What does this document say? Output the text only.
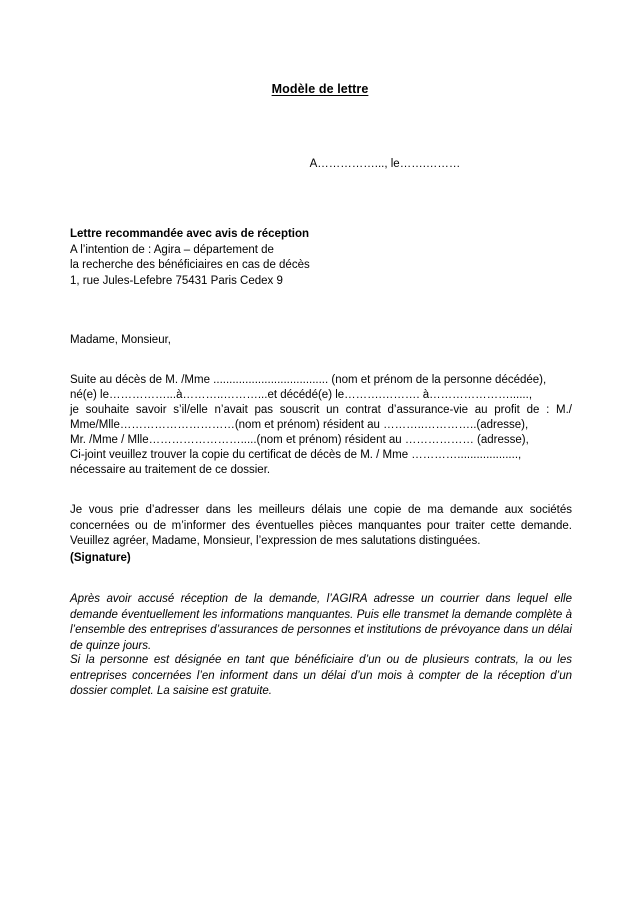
Modèle de lettre
A……………..., le…….………
Lettre recommandée avec avis de réception
A l’intention de : Agira – département de
la recherche des bénéficiaires en cas de décès
1, rue Jules-Lefebre 75431 Paris Cedex 9
Madame, Monsieur,
Suite au décès de M. /Mme .................................... (nom et prénom de la personne décédée),
né(e) le……………...à………..………...et décédé(e) le……….………. à…………………......,
je souhaite savoir s’il/elle n’avait pas souscrit un contrat d’assurance-vie au profit de : M./
Mme/Mlle…………………………(nom et prénom) résident au ………..…………..(adresse),
Mr. /Mme / Mlle…………………….....(nom et prénom) résident au ……………… (adresse),
Ci-joint veuillez trouver la copie du certificat de décès de M. / Mme …………...................,
nécessaire au traitement de ce dossier.
Je vous prie d’adresser dans les meilleurs délais une copie de ma demande aux sociétés concernées ou de m’informer des éventuelles pièces manquantes pour traiter cette demande. Veuillez agréer, Madame, Monsieur, l’expression de mes salutations distinguées.
(Signature)
Après avoir accusé réception de la demande, l’AGIRA adresse un courrier dans lequel elle demande éventuellement les informations manquantes. Puis elle transmet la demande complète à l’ensemble des entreprises d’assurances de personnes et institutions de prévoyance dans un délai de quinze jours.
Si la personne est désignée en tant que bénéficiaire d’un ou de plusieurs contrats, la ou les entreprises concernées l’en informent dans un délai d’un mois à compter de la réception d’un dossier complet. La saisine est gratuite.
